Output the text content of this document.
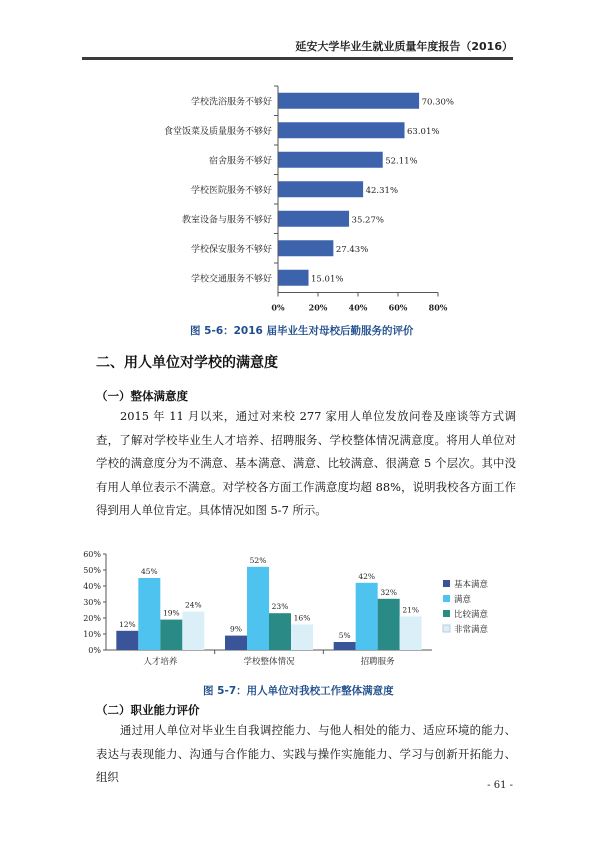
延安大学毕业生就业质量年度报告（2016）
学校洗浴服务不够好	70.30%
食堂饭菜及质量服务不够好	63.01%
宿舍服务不够好	52.11%
学校医院服务不够好	42.31%
教室设备与服务不够好	35.27%
学校保安服务不够好	27.43%
学校交通服务不够好	15.01%
0%	20%	40%	60%	80%
图 5-6：2016 届毕业生对母校后勤服务的评价
二、用人单位对学校的满意度
（一）整体满意度
2015 年 11 月以来，通过对来校 277 家用人单位发放问卷及座谈等方式调查，了解对学校毕业生人才培养、招聘服务、学校整体情况满意度。将用人单位对学校的满意度分为不满意、基本满意、满意、比较满意、很满意 5 个层次。其中没有用人单位表示不满意。对学校各方面工作满意度均超 88%，说明我校各方面工作得到用人单位肯定。具体情况如图 5-7 所示。
0%
10%
20%
30%
40%
50%
60%
12%
45%
19%
24%
人才培养
9%
52%
23%
16%
学校整体情况
5%
42%
32%
21%
招聘服务
基本满意
满意
比较满意
非常满意
图 5-7：用人单位对我校工作整体满意度
（二）职业能力评价
通过用人单位对毕业生自我调控能力、与他人相处的能力、适应环境的能力、表达与表现能力、沟通与合作能力、实践与操作实施能力、学习与创新开拓能力、组织
- 61 -
